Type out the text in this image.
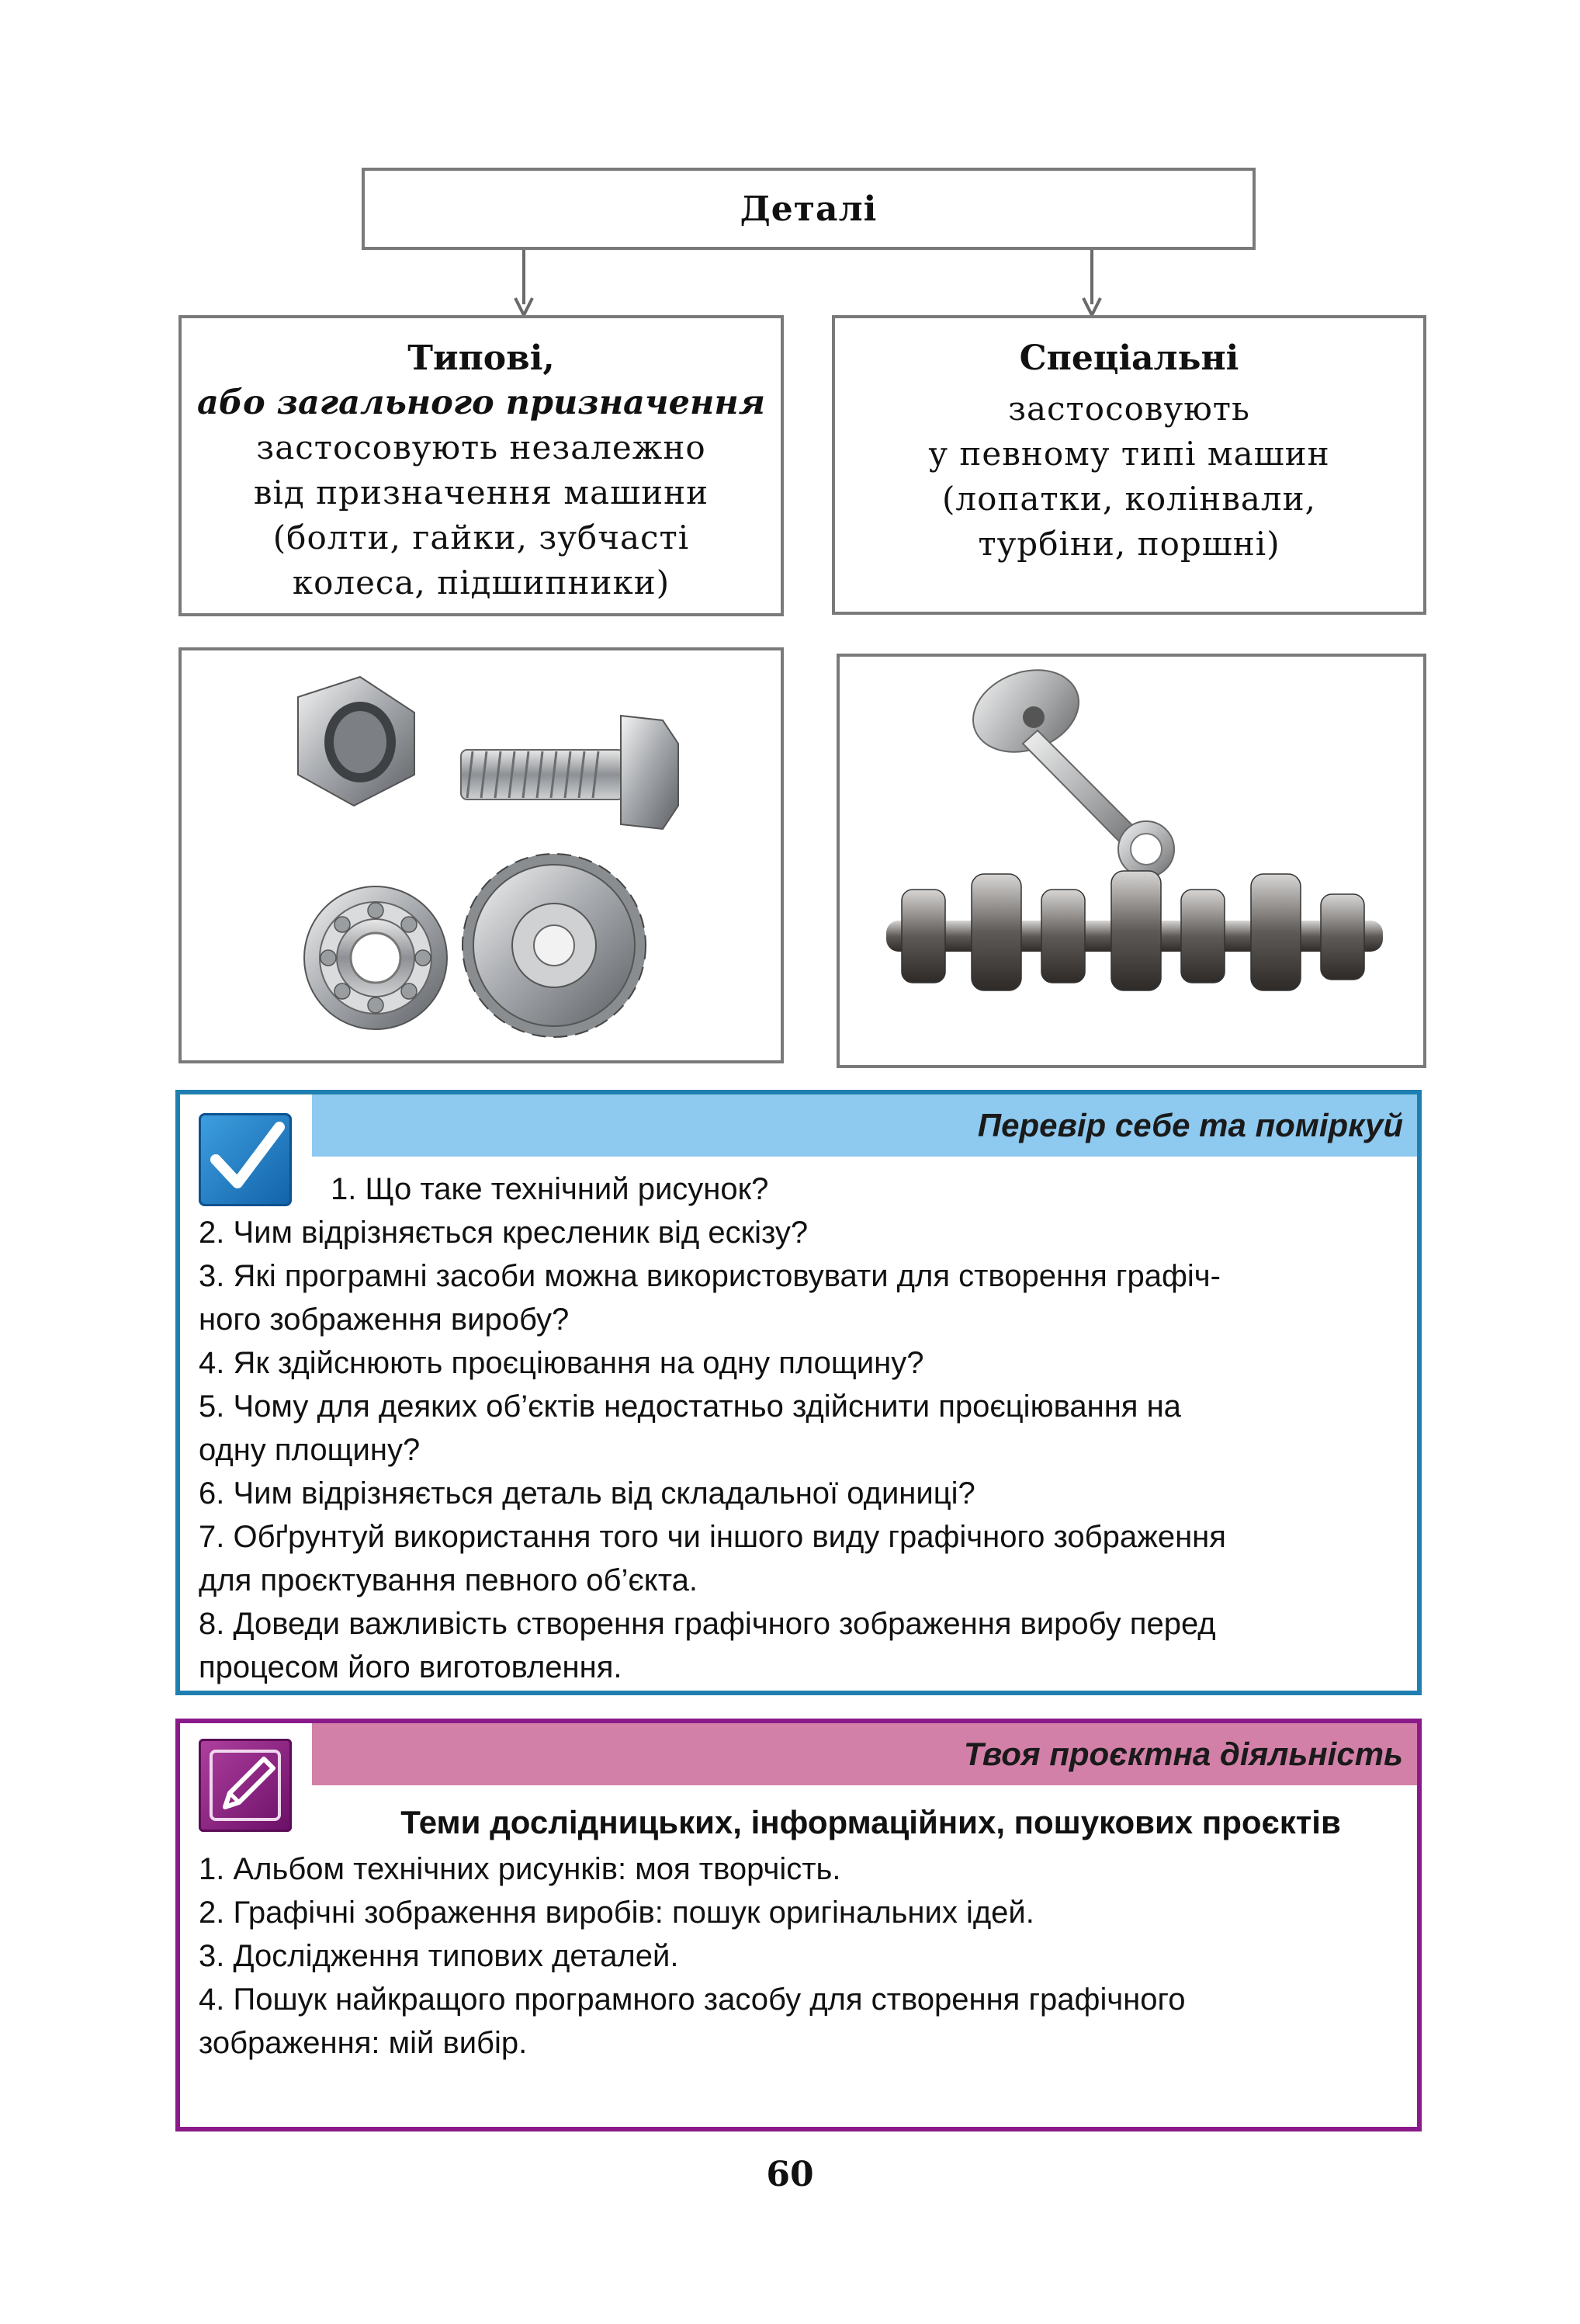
Деталі
Типові,
або загального призначення
застосовують незалежно
від призначення машини
(болти, гайки, зубчасті
колеса, підшипники)
Спеціальні
застосовують
у певному типі машин
(лопатки, колінвали,
турбіни, поршні)
Перевір себе та поміркуй
1. Що таке технічний рисунок?
2. Чим відрізняється кресленик від ескізу?
3. Які програмні засоби можна використовувати для створення графіч-
ного зображення виробу?
4. Як здійснюють проєціювання на одну площину?
5. Чому для деяких об’єктів недостатньо здійснити проєціювання на
одну площину?
6. Чим відрізняється деталь від складальної одиниці?
7. Обґрунтуй використання того чи іншого виду графічного зображення
для проєктування певного об’єкта.
8. Доведи важливість створення графічного зображення виробу перед
процесом його виготовлення.
Твоя проєктна діяльність
Теми дослідницьких, інформаційних, пошукових проєктів
1. Альбом технічних рисунків: моя творчість.
2. Графічні зображення виробів: пошук оригінальних ідей.
3. Дослідження типових деталей.
4. Пошук найкращого програмного засобу для створення графічного
зображення: мій вибір.
60
